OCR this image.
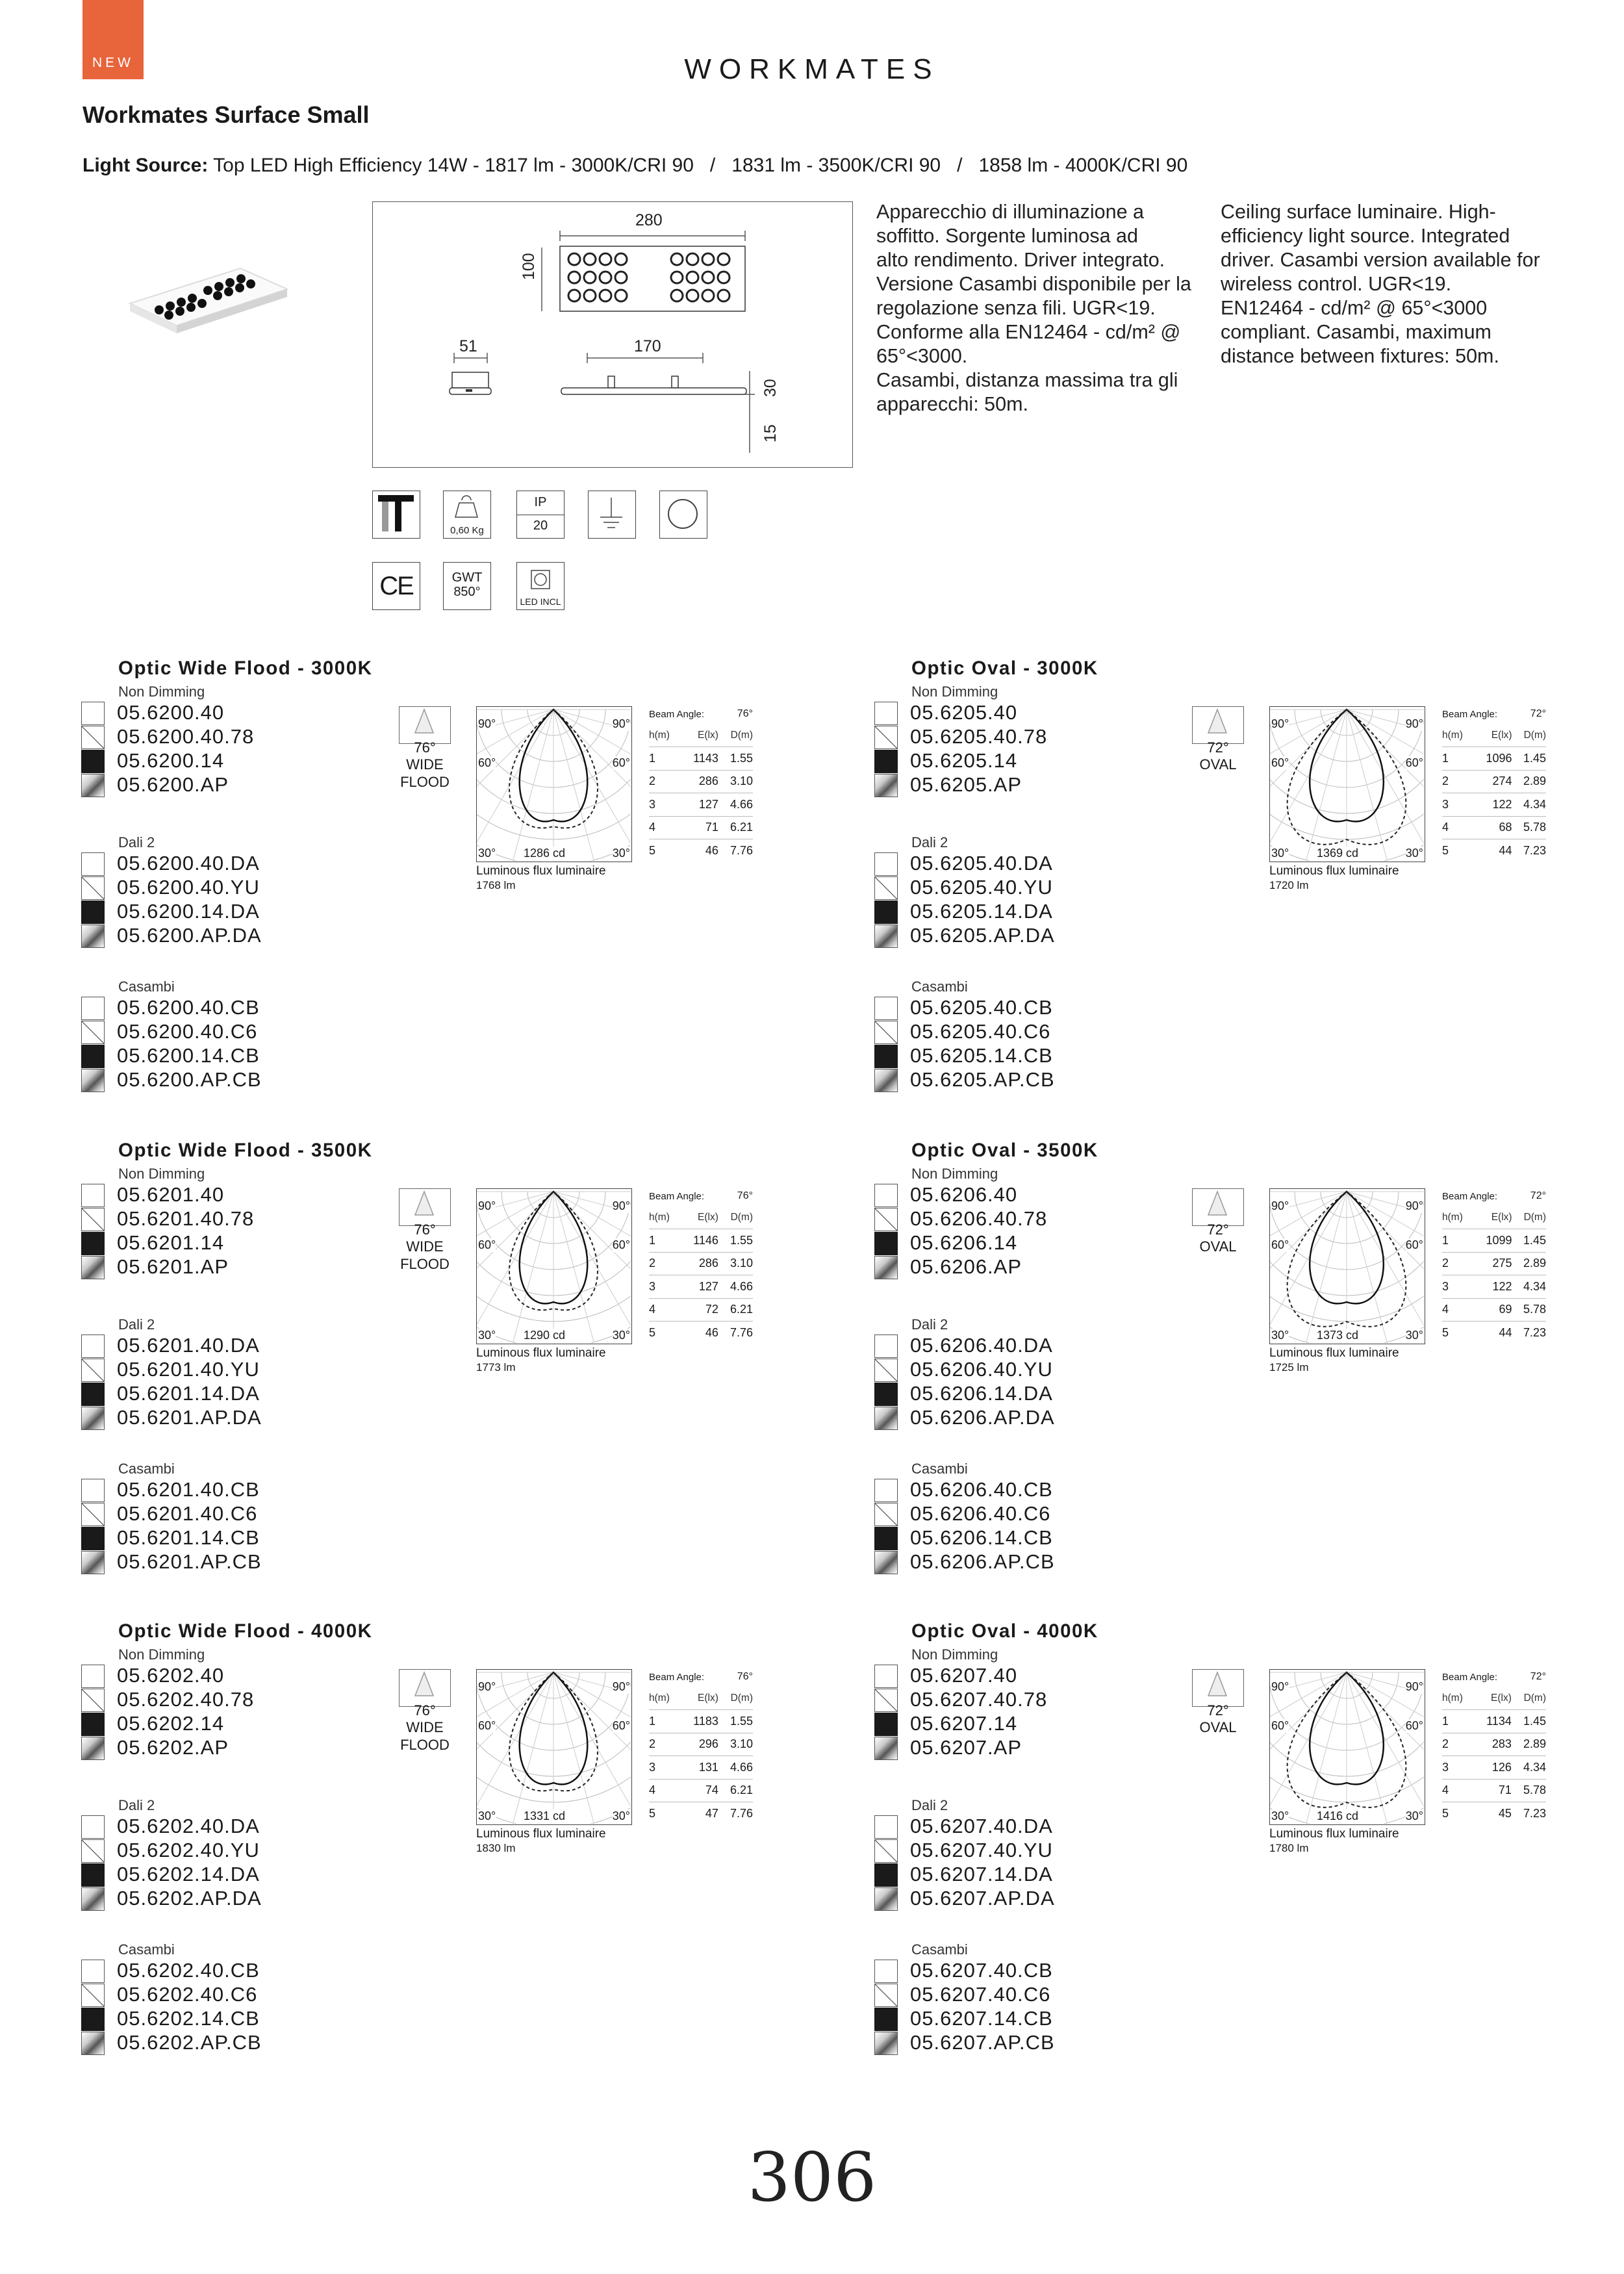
NEW	WORKMATES
Workmates Surface Small
Light Source: Top LED High Efficiency 14W - 1817 lm - 3000K/CRI 90   /   1831 lm - 3500K/CRI 90   /   1858 lm - 4000K/CRI 90
280
100
51	170
30
15
Apparecchio di illuminazione a
soffitto. Sorgente luminosa ad
alto rendimento. Driver integrato.
Versione Casambi disponibile per la
regolazione senza fili. UGR<19.
Conforme alla EN12464 - cd/m² @
65°<3000.
Casambi, distanza massima tra gli
apparecchi: 50m.
Ceiling surface luminaire. High-
efficiency light source. Integrated
driver. Casambi version available for
wireless control. UGR<19.
EN12464 - cd/m² @ 65°<3000
compliant. Casambi, maximum
distance between fixtures: 50m.
0,60 Kg
IP
20
CE	GWT
850°
LED INCL
Optic Wide Flood - 3000K
Non Dimming
05.6200.40
05.6200.40.78
05.6200.14
05.6200.AP
Dali 2
05.6200.40.DA
05.6200.40.YU
05.6200.14.DA
05.6200.AP.DA
Casambi
05.6200.40.CB
05.6200.40.C6
05.6200.14.CB
05.6200.AP.CB
76°
WIDE
FLOOD
90°	90°
60°	60°
30°	30°
1286 cd
Luminous flux luminaire
1768 lm
Beam Angle:	76°
h(m)	E(lx)	D(m)
1	1143	1.55
2	286	3.10
3	127	4.66
4	71	6.21
5	46	7.76
Optic Oval - 3000K
Non Dimming
05.6205.40
05.6205.40.78
05.6205.14
05.6205.AP
Dali 2
05.6205.40.DA
05.6205.40.YU
05.6205.14.DA
05.6205.AP.DA
Casambi
05.6205.40.CB
05.6205.40.C6
05.6205.14.CB
05.6205.AP.CB
72°
OVAL
90°	90°
60°	60°
30°	30°
1369 cd
Luminous flux luminaire
1720 lm
Beam Angle:	72°
h(m)	E(lx)	D(m)
1	1096	1.45
2	274	2.89
3	122	4.34
4	68	5.78
5	44	7.23
Optic Wide Flood - 3500K
Non Dimming
05.6201.40
05.6201.40.78
05.6201.14
05.6201.AP
Dali 2
05.6201.40.DA
05.6201.40.YU
05.6201.14.DA
05.6201.AP.DA
Casambi
05.6201.40.CB
05.6201.40.C6
05.6201.14.CB
05.6201.AP.CB
76°
WIDE
FLOOD
90°	90°
60°	60°
30°	30°
1290 cd
Luminous flux luminaire
1773 lm
Beam Angle:	76°
h(m)	E(lx)	D(m)
1	1146	1.55
2	286	3.10
3	127	4.66
4	72	6.21
5	46	7.76
Optic Oval - 3500K
Non Dimming
05.6206.40
05.6206.40.78
05.6206.14
05.6206.AP
Dali 2
05.6206.40.DA
05.6206.40.YU
05.6206.14.DA
05.6206.AP.DA
Casambi
05.6206.40.CB
05.6206.40.C6
05.6206.14.CB
05.6206.AP.CB
72°
OVAL
90°	90°
60°	60°
30°	30°
1373 cd
Luminous flux luminaire
1725 lm
Beam Angle:	72°
h(m)	E(lx)	D(m)
1	1099	1.45
2	275	2.89
3	122	4.34
4	69	5.78
5	44	7.23
Optic Wide Flood - 4000K
Non Dimming
05.6202.40
05.6202.40.78
05.6202.14
05.6202.AP
Dali 2
05.6202.40.DA
05.6202.40.YU
05.6202.14.DA
05.6202.AP.DA
Casambi
05.6202.40.CB
05.6202.40.C6
05.6202.14.CB
05.6202.AP.CB
76°
WIDE
FLOOD
90°	90°
60°	60°
30°	30°
1331 cd
Luminous flux luminaire
1830 lm
Beam Angle:	76°
h(m)	E(lx)	D(m)
1	1183	1.55
2	296	3.10
3	131	4.66
4	74	6.21
5	47	7.76
Optic Oval - 4000K
Non Dimming
05.6207.40
05.6207.40.78
05.6207.14
05.6207.AP
Dali 2
05.6207.40.DA
05.6207.40.YU
05.6207.14.DA
05.6207.AP.DA
Casambi
05.6207.40.CB
05.6207.40.C6
05.6207.14.CB
05.6207.AP.CB
72°
OVAL
90°	90°
60°	60°
30°	30°
1416 cd
Luminous flux luminaire
1780 lm
Beam Angle:	72°
h(m)	E(lx)	D(m)
1	1134	1.45
2	283	2.89
3	126	4.34
4	71	5.78
5	45	7.23
306
